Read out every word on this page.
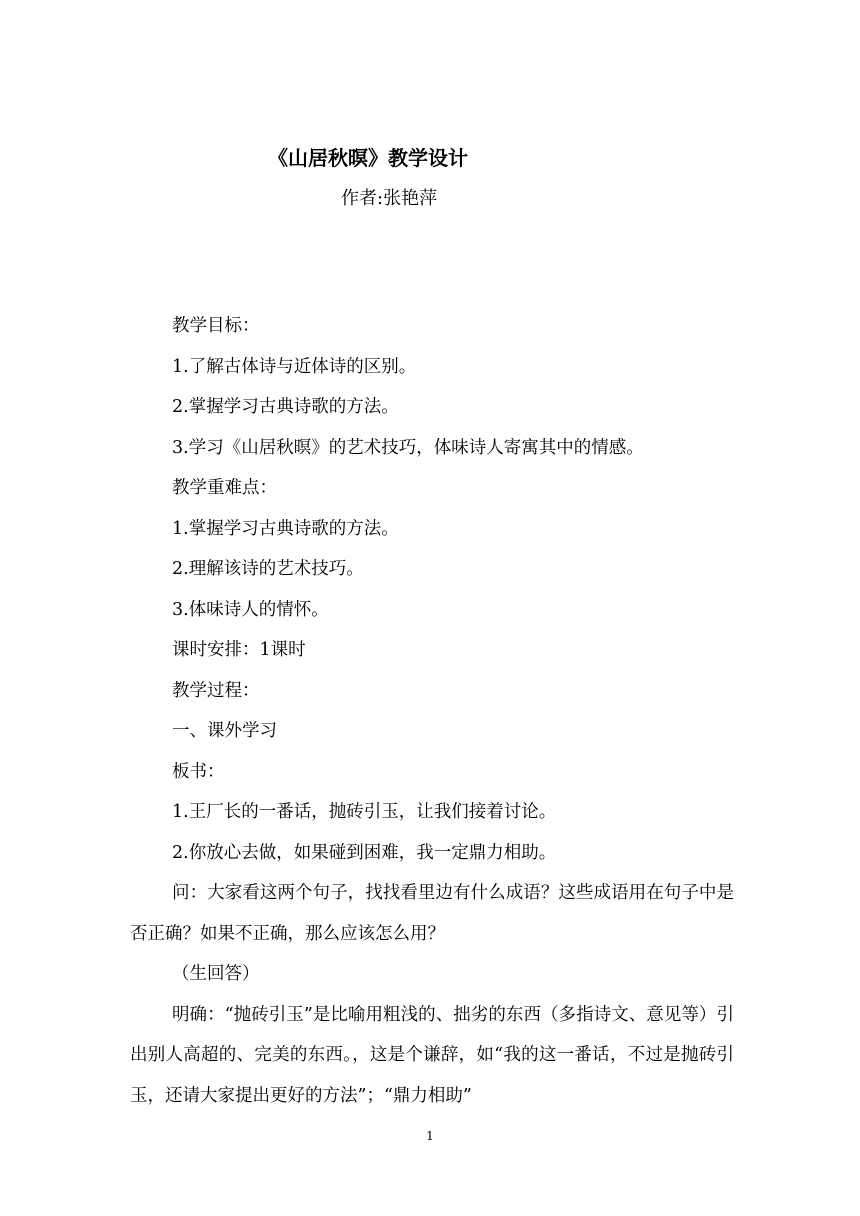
《山居秋暝》教学设计
作者:张艳萍

教学目标：

1.了解古体诗与近体诗的区别。

2.掌握学习古典诗歌的方法。

3.学习《山居秋暝》的艺术技巧，体味诗人寄寓其中的情感。

教学重难点：

1.掌握学习古典诗歌的方法。

2.理解该诗的艺术技巧。

3.体味诗人的情怀。

课时安排：1课时

教学过程：

一、课外学习

板书：

1.王厂长的一番话，抛砖引玉，让我们接着讨论。

2.你放心去做，如果碰到困难，我一定鼎力相助。

问：大家看这两个句子，找找看里边有什么成语？这些成语用在句子中是否正确？如果不正确，那么应该怎么用？

（生回答）

明确：“抛砖引玉”是比喻用粗浅的、拙劣的东西（多指诗文、意见等）引出别人高超的、完美的东西。，这是个谦辞，如“我的这一番话，不过是抛砖引玉，还请大家提出更好的方法”；“鼎力相助”

1
